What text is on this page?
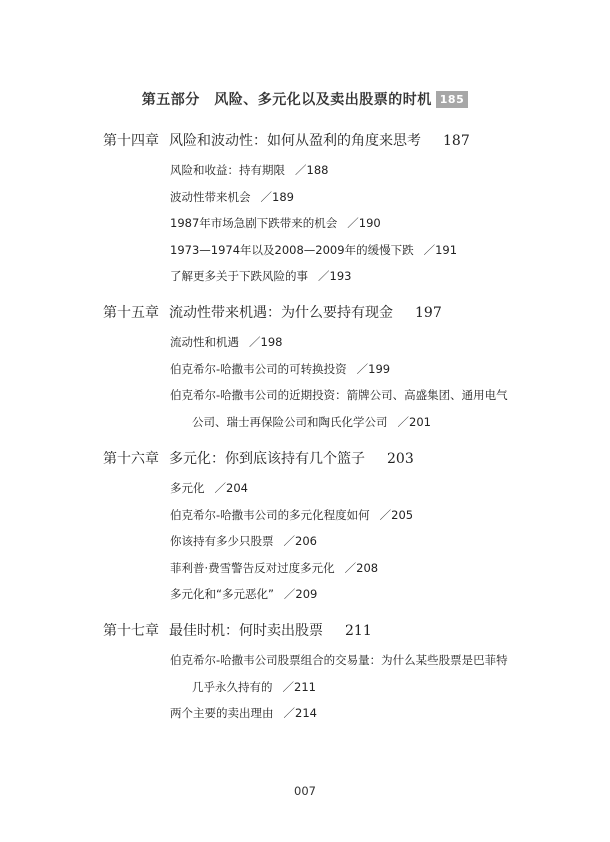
第五部分　风险、多元化以及卖出股票的时机 185
第十四章 风险和波动性：如何从盈利的角度来思考 187
风险和收益：持有期限 ／188
波动性带来机会 ／189
1987年市场急剧下跌带来的机会 ／190
1973—1974年以及2008—2009年的缓慢下跌 ／191
了解更多关于下跌风险的事 ／193
第十五章 流动性带来机遇：为什么要持有现金 197
流动性和机遇 ／198
伯克希尔-哈撒韦公司的可转换投资 ／199
伯克希尔-哈撒韦公司的近期投资：箭牌公司、高盛集团、通用电气
公司、瑞士再保险公司和陶氏化学公司 ／201
第十六章 多元化：你到底该持有几个篮子 203
多元化 ／204
伯克希尔-哈撒韦公司的多元化程度如何 ／205
你该持有多少只股票 ／206
菲利普·费雪警告反对过度多元化 ／208
多元化和“多元恶化” ／209
第十七章 最佳时机：何时卖出股票 211
伯克希尔-哈撒韦公司股票组合的交易量：为什么某些股票是巴菲特
几乎永久持有的 ／211
两个主要的卖出理由 ／214
007
